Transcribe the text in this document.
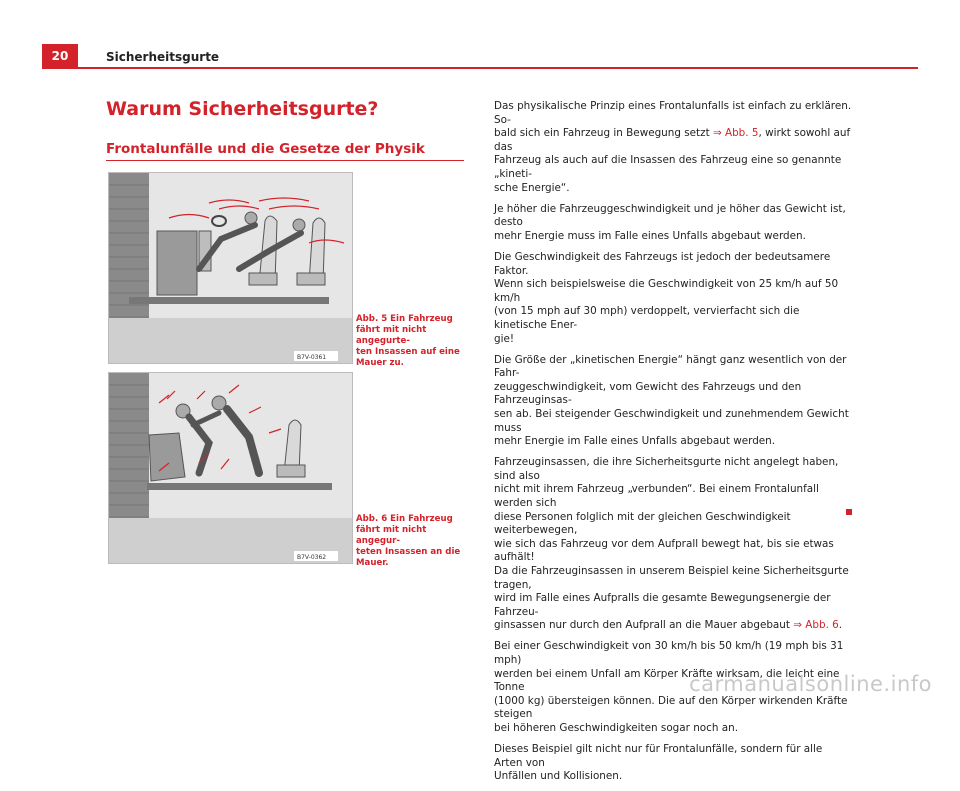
20	Sicherheitsgurte
Warum Sicherheitsgurte?
Frontalunfälle und die Gesetze der Physik
B7V-0361
Abb. 5 Ein Fahrzeug
fährt mit nicht angegurte-
ten Insassen auf eine
Mauer zu.
B7V-0362
Abb. 6 Ein Fahrzeug
fährt mit nicht angegur-
teten Insassen an die
Mauer.

Das physikalische Prinzip eines Frontalunfalls ist einfach zu erklären. So-
bald sich ein Fahrzeug in Bewegung setzt ⇒ Abb. 5, wirkt sowohl auf das
Fahrzeug als auch auf die Insassen des Fahrzeug eine so genannte „kineti-
sche Energie“.

Je höher die Fahrzeuggeschwindigkeit und je höher das Gewicht ist, desto
mehr Energie muss im Falle eines Unfalls abgebaut werden.

Die Geschwindigkeit des Fahrzeugs ist jedoch der bedeutsamere Faktor.
Wenn sich beispielsweise die Geschwindigkeit von 25 km/h auf 50 km/h
(von 15 mph auf 30 mph) verdoppelt, vervierfacht sich die kinetische Ener-
gie!

Die Größe der „kinetischen Energie“ hängt ganz wesentlich von der Fahr-
zeuggeschwindigkeit, vom Gewicht des Fahrzeugs und den Fahrzeuginsas-
sen ab. Bei steigender Geschwindigkeit und zunehmendem Gewicht muss
mehr Energie im Falle eines Unfalls abgebaut werden.

Fahrzeuginsassen, die ihre Sicherheitsgurte nicht angelegt haben, sind also
nicht mit ihrem Fahrzeug „verbunden“. Bei einem Frontalunfall werden sich
diese Personen folglich mit der gleichen Geschwindigkeit weiterbewegen,
wie sich das Fahrzeug vor dem Aufprall bewegt hat, bis sie etwas aufhält!
Da die Fahrzeuginsassen in unserem Beispiel keine Sicherheitsgurte tragen,
wird im Falle eines Aufpralls die gesamte Bewegungsenergie der Fahrzeu-
ginsassen nur durch den Aufprall an die Mauer abgebaut ⇒ Abb. 6.

Bei einer Geschwindigkeit von 30 km/h bis 50 km/h (19 mph bis 31 mph)
werden bei einem Unfall am Körper Kräfte wirksam, die leicht eine Tonne
(1000 kg) übersteigen können. Die auf den Körper wirkenden Kräfte steigen
bei höheren Geschwindigkeiten sogar noch an.

Dieses Beispiel gilt nicht nur für Frontalunfälle, sondern für alle Arten von
Unfällen und Kollisionen.

carmanualsonline.info
